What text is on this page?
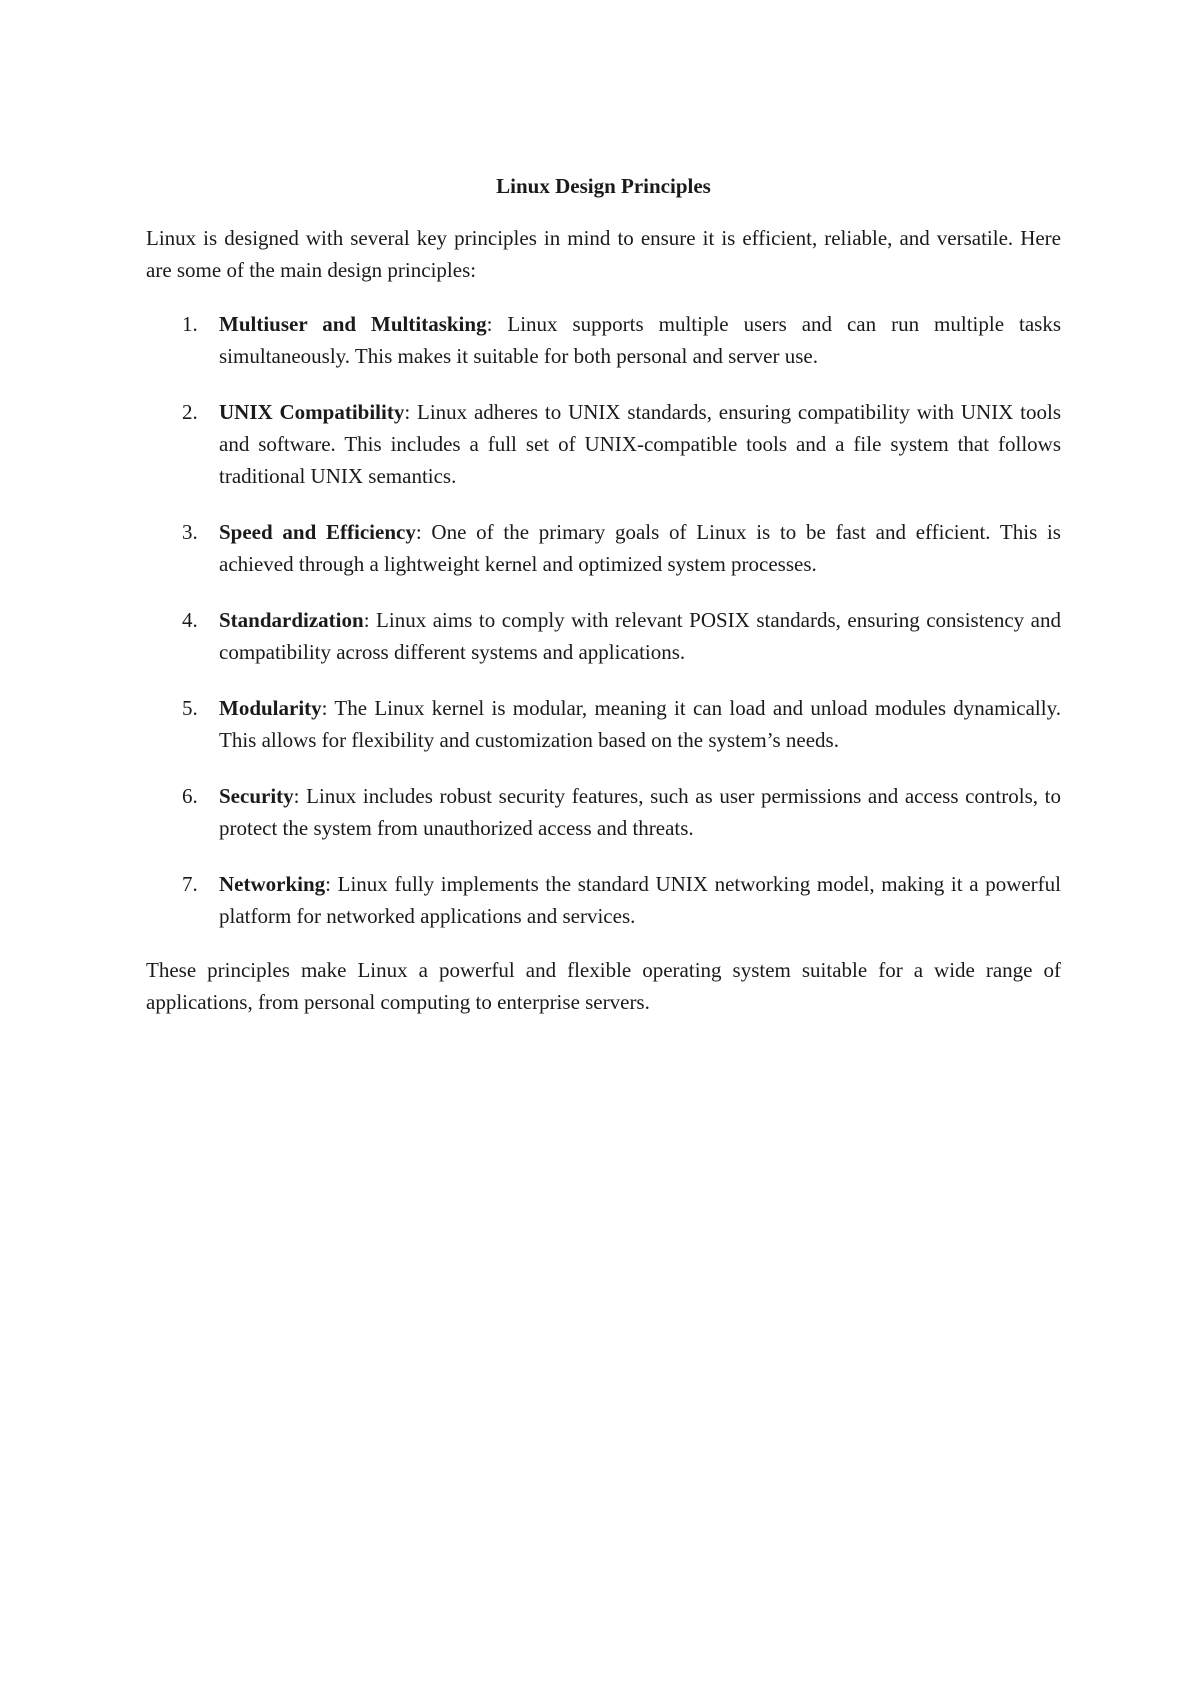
Linux Design Principles

Linux is designed with several key principles in mind to ensure it is efficient, reliable, and versatile. Here are some of the main design principles:

1. Multiuser and Multitasking: Linux supports multiple users and can run multiple tasks simultaneously. This makes it suitable for both personal and server use.
2. UNIX Compatibility: Linux adheres to UNIX standards, ensuring compatibility with UNIX tools and software. This includes a full set of UNIX-compatible tools and a file system that follows traditional UNIX semantics.
3. Speed and Efficiency: One of the primary goals of Linux is to be fast and efficient. This is achieved through a lightweight kernel and optimized system processes.
4. Standardization: Linux aims to comply with relevant POSIX standards, ensuring consistency and compatibility across different systems and applications.
5. Modularity: The Linux kernel is modular, meaning it can load and unload modules dynamically. This allows for flexibility and customization based on the system’s needs.
6. Security: Linux includes robust security features, such as user permissions and access controls, to protect the system from unauthorized access and threats.
7. Networking: Linux fully implements the standard UNIX networking model, making it a powerful platform for networked applications and services.

These principles make Linux a powerful and flexible operating system suitable for a wide range of applications, from personal computing to enterprise servers.
